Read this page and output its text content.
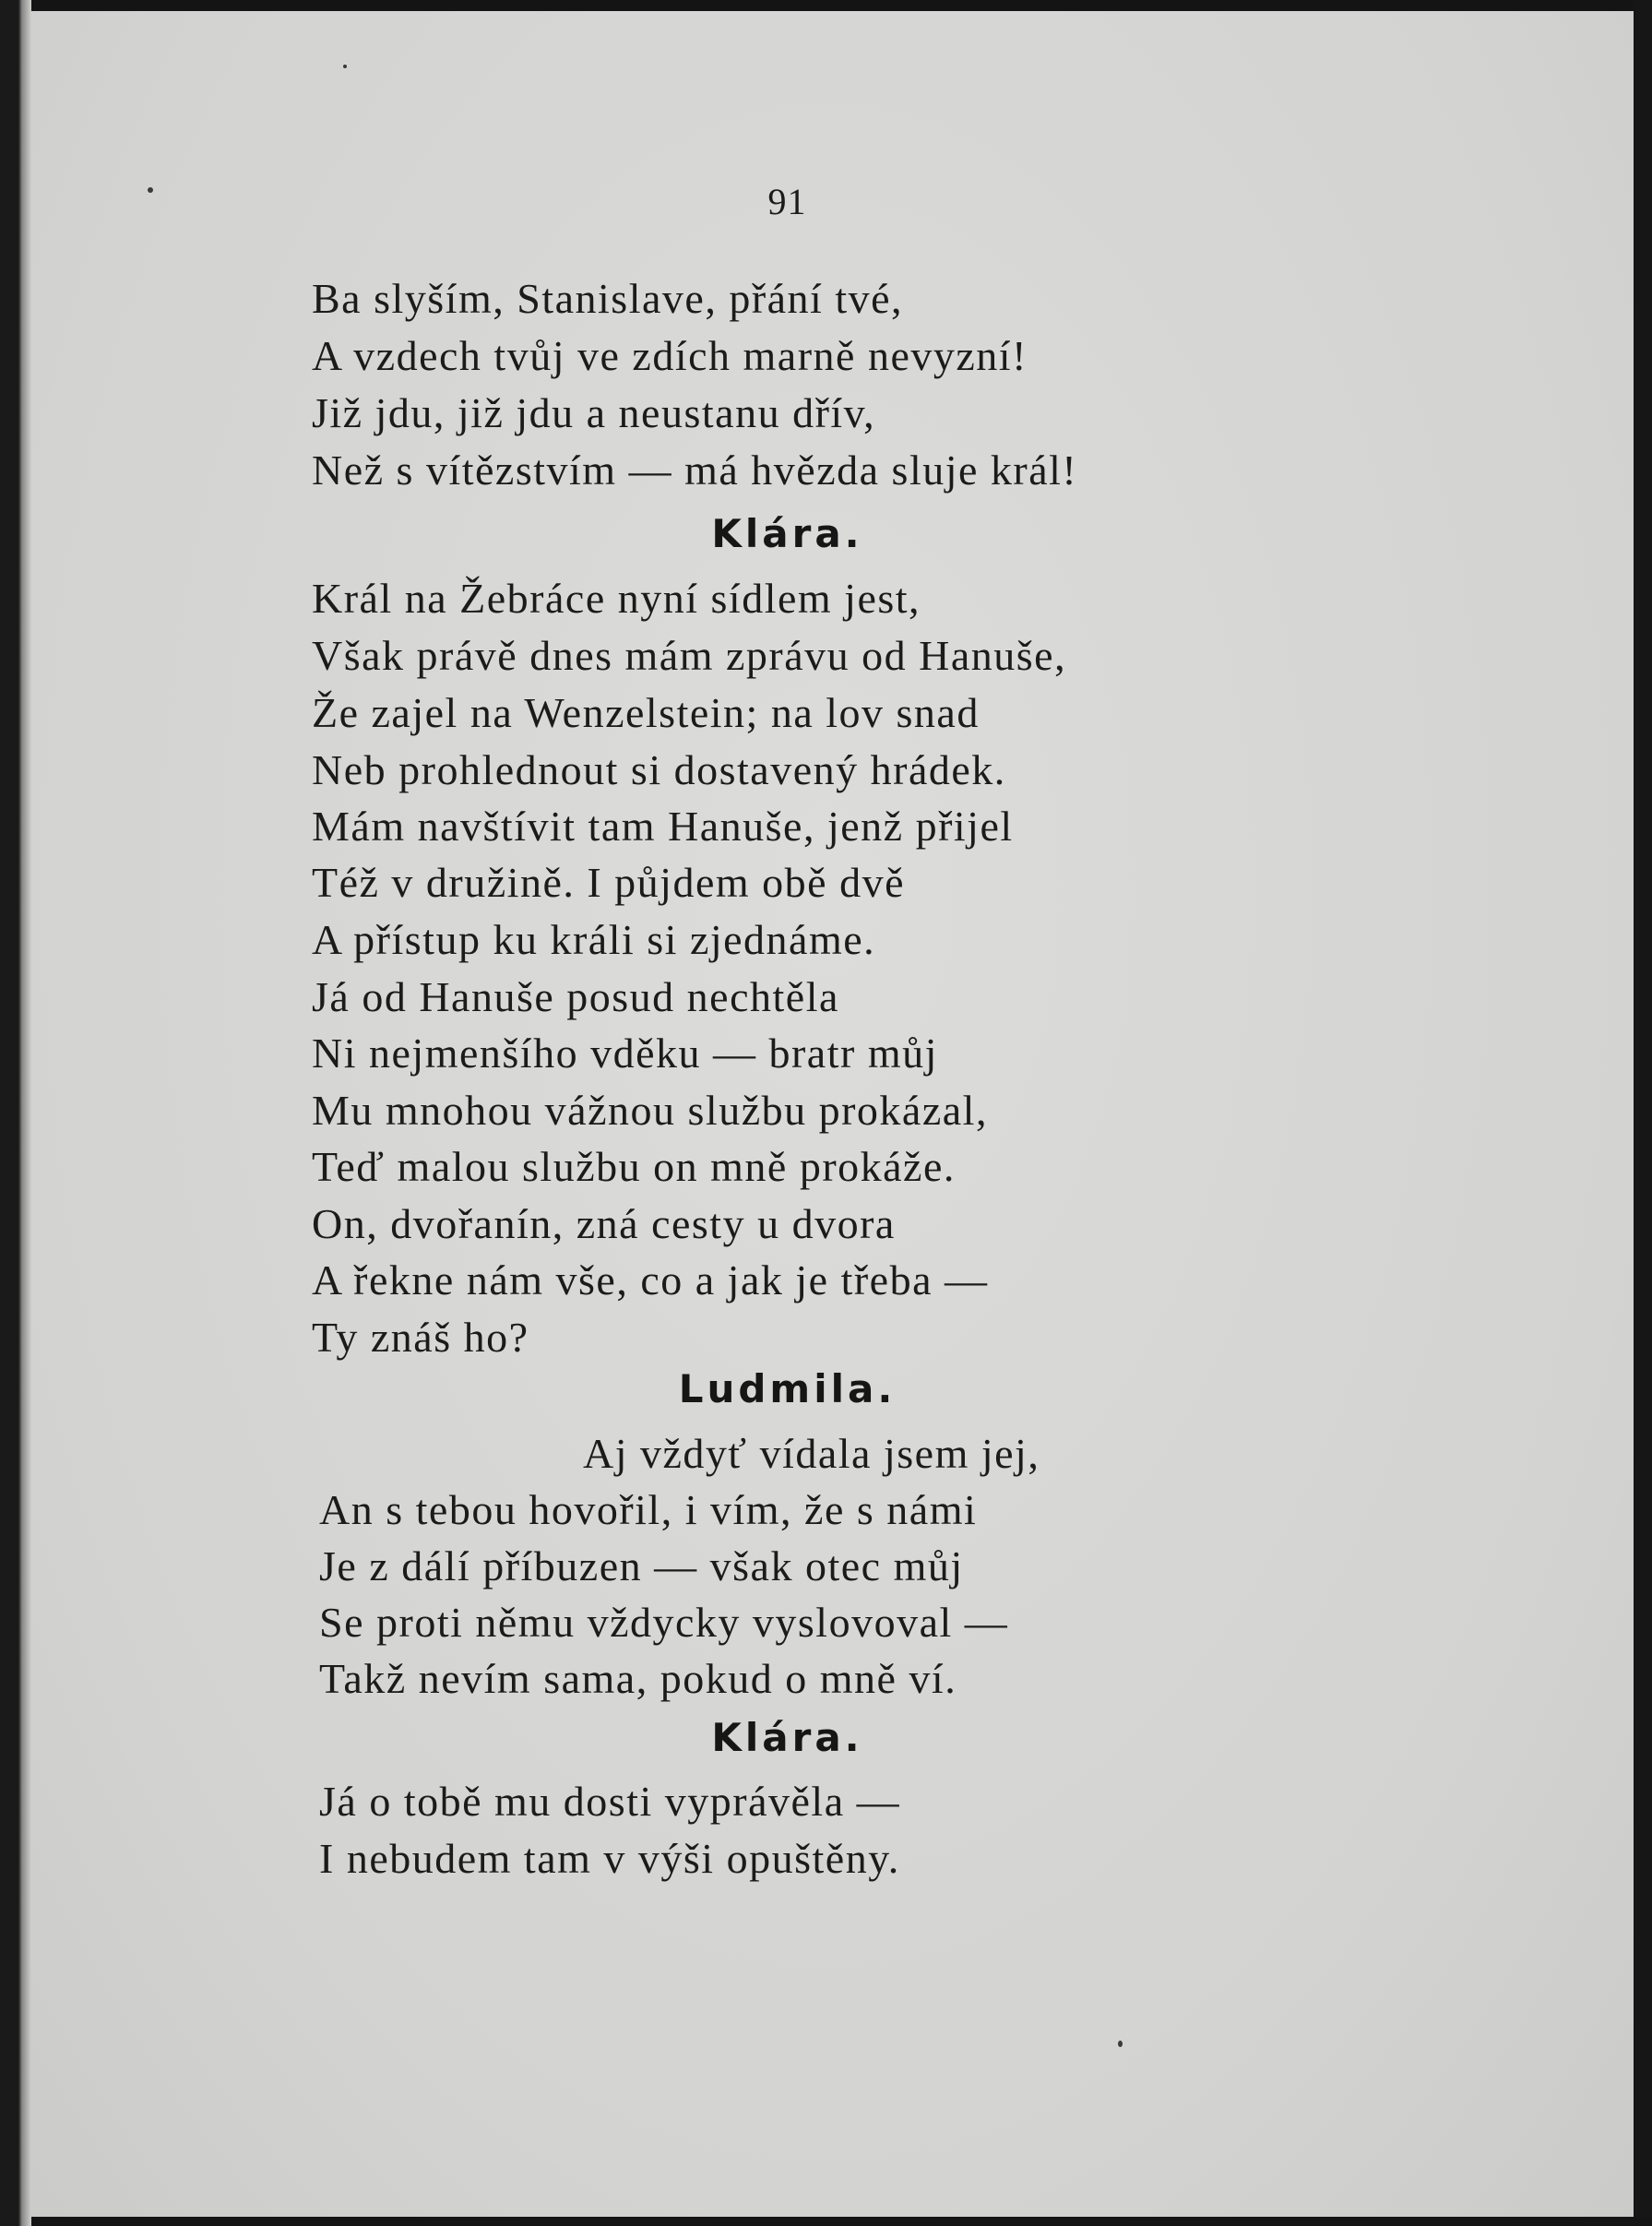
91
Ba slyším, Stanislave, přání tvé,
A vzdech tvůj ve zdích marně nevyzní!
Již jdu, již jdu a neustanu dřív,
Než s vítězstvím — má hvězda sluje král!
Klára.
Král na Žebráce nyní sídlem jest,
Však právě dnes mám zprávu od Hanuše,
Že zajel na Wenzelstein; na lov snad
Neb prohlednout si dostavený hrádek.
Mám navštívit tam Hanuše, jenž přijel
Též v družině. I půjdem obě dvě
A přístup ku králi si zjednáme.
Já od Hanuše posud nechtěla
Ni nejmenšího vděku — bratr můj
Mu mnohou vážnou službu prokázal,
Teď malou službu on mně prokáže.
On, dvořanín, zná cesty u dvora
A řekne nám vše, co a jak je třeba —
Ty znáš ho?
Ludmila.
Aj vždyť vídala jsem jej,
An s tebou hovořil, i vím, že s námi
Je z dálí příbuzen — však otec můj
Se proti němu vždycky vyslovoval —
Takž nevím sama, pokud o mně ví.
Klára.
Já o tobě mu dosti vyprávěla —
I nebudem tam v výši opuštěny.
